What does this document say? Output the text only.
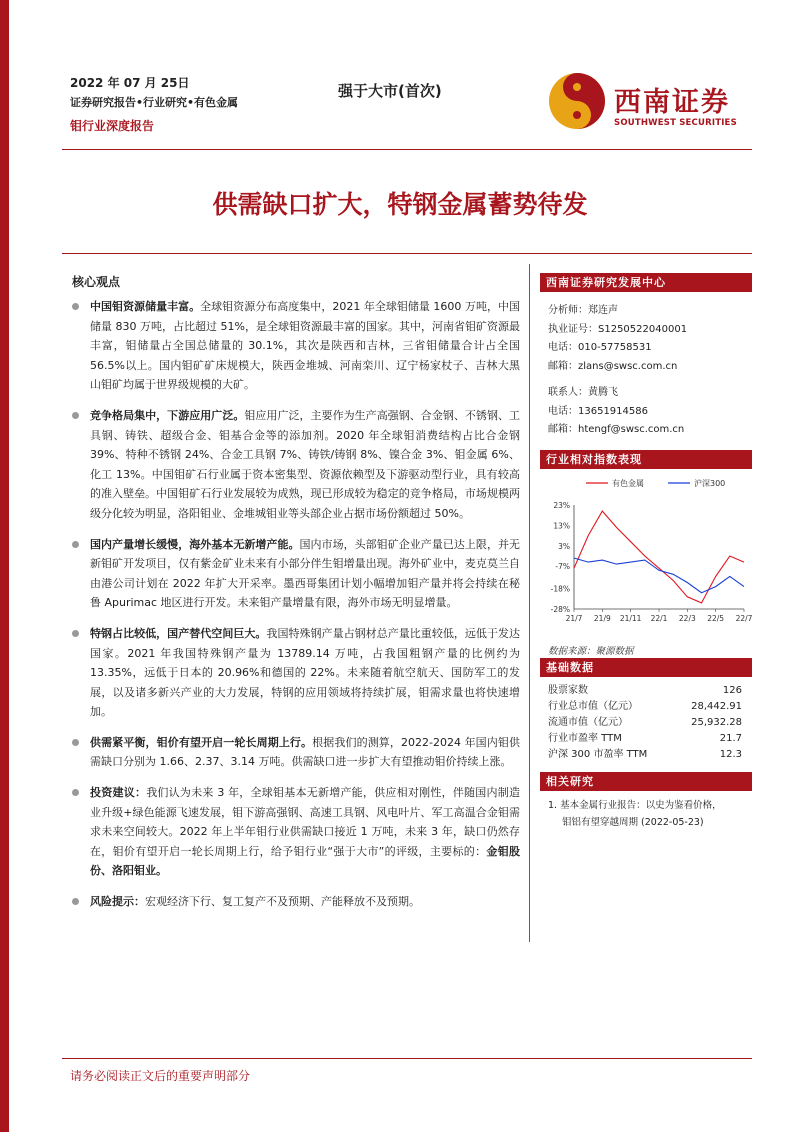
2022 年 07 月 25日
证券研究报告•行业研究•有色金属
钼行业深度报告
强于大市(首次)	西南证券
SOUTHWEST SECURITIES
供需缺口扩大，特钢金属蓄势待发
核心观点
中国钼资源储量丰富。全球钼资源分布高度集中，2021 年全球钼储量 1600 万吨，中国储量 830 万吨，占比超过 51%，是全球钼资源最丰富的国家。其中，河南省钼矿资源最丰富，钼储量占全国总储量的 30.1%，其次是陕西和吉林，三省钼储量合计占全国 56.5%以上。国内钼矿矿床规模大，陕西金堆城、河南栾川、辽宁杨家杖子、吉林大黑山钼矿均属于世界级规模的大矿。
竞争格局集中，下游应用广泛。钼应用广泛，主要作为生产高强钢、合金钢、不锈钢、工具钢、铸铁、超级合金、钼基合金等的添加剂。2020 年全球钼消费结构占比合金钢 39%、特种不锈钢 24%、合金工具钢 7%、铸铁/铸钢 8%、镍合金 3%、钼金属 6%、化工 13%。中国钼矿石行业属于资本密集型、资源依赖型及下游驱动型行业，具有较高的准入壁垒。中国钼矿石行业发展较为成熟，现已形成较为稳定的竞争格局，市场规模两级分化较为明显，洛阳钼业、金堆城钼业等头部企业占据市场份额超过 50%。
国内产量增长缓慢，海外基本无新增产能。国内市场，头部钼矿企业产量已达上限，并无新钼矿开发项目，仅有紫金矿业未来有小部分伴生钼增量出现。海外矿业中，麦克莫兰自由港公司计划在 2022 年扩大开采率。墨西哥集团计划小幅增加钼产量并将会持续在秘鲁 Apurimac 地区进行开发。未来钼产量增量有限，海外市场无明显增量。
特钢占比较低，国产替代空间巨大。我国特殊钢产量占钢材总产量比重较低，远低于发达国家。2021 年我国特殊钢产量为 13789.14 万吨，占我国粗钢产量的比例约为 13.35%，远低于日本的 20.96%和德国的 22%。未来随着航空航天、国防军工的发展，以及诸多新兴产业的大力发展，特钢的应用领域将持续扩展，钼需求量也将快速增加。
供需紧平衡，钼价有望开启一轮长周期上行。根据我们的测算，2022-2024 年国内钼供需缺口分别为 1.66、2.37、3.14 万吨。供需缺口进一步扩大有望推动钼价持续上涨。
投资建议：我们认为未来 3 年，全球钼基本无新增产能，供应相对刚性，伴随国内制造业升级+绿色能源飞速发展，钼下游高强钢、高速工具钢、风电叶片、军工高温合金钼需求未来空间较大。2022 年上半年钼行业供需缺口接近 1 万吨，未来 3 年，缺口仍然存在，钼价有望开启一轮长周期上行，给予钼行业“强于大市”的评级，主要标的：金钼股份、洛阳钼业。
风险提示：宏观经济下行、复工复产不及预期、产能释放不及预期。
西南证券研究发展中心
分析师：郑连声
执业证号：S1250522040001
电话：010-57758531
邮箱：zlans@swsc.com.cn
联系人：黄腾飞
电话：13651914586
邮箱：htengf@swsc.com.cn
行业相对指数表现
有色金属	沪深300
23%
13%
3%
-7%
-18%
-28%
21/7 21/9 21/11 22/1 22/3 22/5 22/7
数据来源：聚源数据
基础数据
股票家数	126
行业总市值（亿元）	28,442.91
流通市值（亿元）	25,932.28
行业市盈率 TTM	21.7
沪深 300 市盈率 TTM	12.3
相关研究
1. 基本金属行业报告：以史为鉴看价格，
钼铝有望穿越周期 (2022-05-23)
请务必阅读正文后的重要声明部分
